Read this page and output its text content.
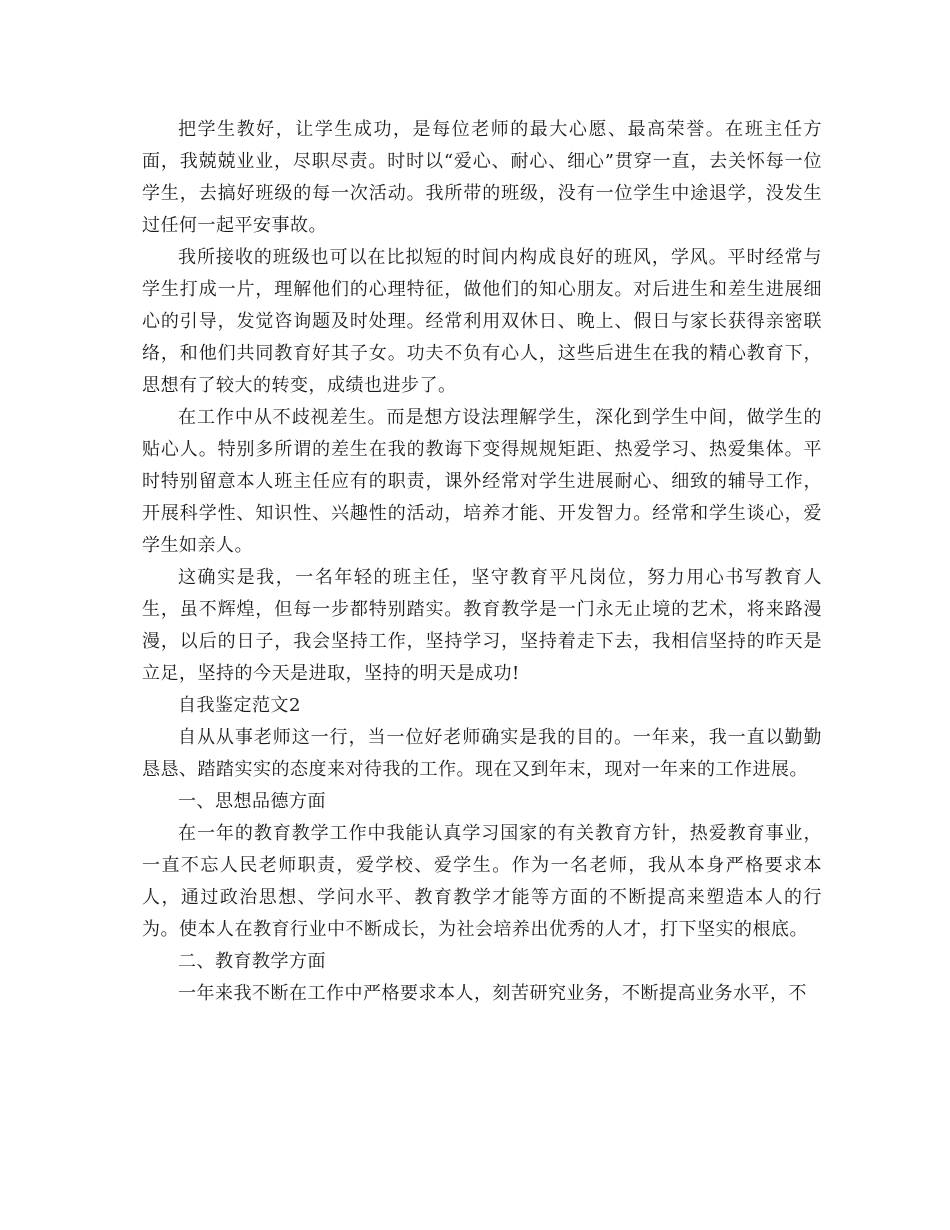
把学生教好，让学生成功，是每位老师的最大心愿、最高荣誉。在班主任方面，我兢兢业业，尽职尽责。时时以“爱心、耐心、细心”贯穿一直，去关怀每一位学生，去搞好班级的每一次活动。我所带的班级，没有一位学生中途退学，没发生过任何一起平安事故。

我所接收的班级也可以在比拟短的时间内构成良好的班风，学风。平时经常与学生打成一片，理解他们的心理特征，做他们的知心朋友。对后进生和差生进展细心的引导，发觉咨询题及时处理。经常利用双休日、晚上、假日与家长获得亲密联络，和他们共同教育好其子女。功夫不负有心人，这些后进生在我的精心教育下，思想有了较大的转变，成绩也进步了。

在工作中从不歧视差生。而是想方设法理解学生，深化到学生中间，做学生的贴心人。特别多所谓的差生在我的教诲下变得规规矩距、热爱学习、热爱集体。平时特别留意本人班主任应有的职责，课外经常对学生进展耐心、细致的辅导工作，开展科学性、知识性、兴趣性的活动，培养才能、开发智力。经常和学生谈心，爱学生如亲人。

这确实是我，一名年轻的班主任，坚守教育平凡岗位，努力用心书写教育人生，虽不辉煌，但每一步都特别踏实。教育教学是一门永无止境的艺术，将来路漫漫，以后的日子，我会坚持工作，坚持学习，坚持着走下去，我相信坚持的昨天是立足，坚持的今天是进取，坚持的明天是成功!

自我鉴定范文2

自从从事老师这一行，当一位好老师确实是我的目的。一年来，我一直以勤勤恳恳、踏踏实实的态度来对待我的工作。现在又到年末，现对一年来的工作进展。

一、思想品德方面

在一年的教育教学工作中我能认真学习国家的有关教育方针，热爱教育事业，一直不忘人民老师职责，爱学校、爱学生。作为一名老师，我从本身严格要求本人，通过政治思想、学问水平、教育教学才能等方面的不断提高来塑造本人的行为。使本人在教育行业中不断成长，为社会培养出优秀的人才，打下坚实的根底。

二、教育教学方面

一年来我不断在工作中严格要求本人，刻苦研究业务，不断提高业务水平，不
